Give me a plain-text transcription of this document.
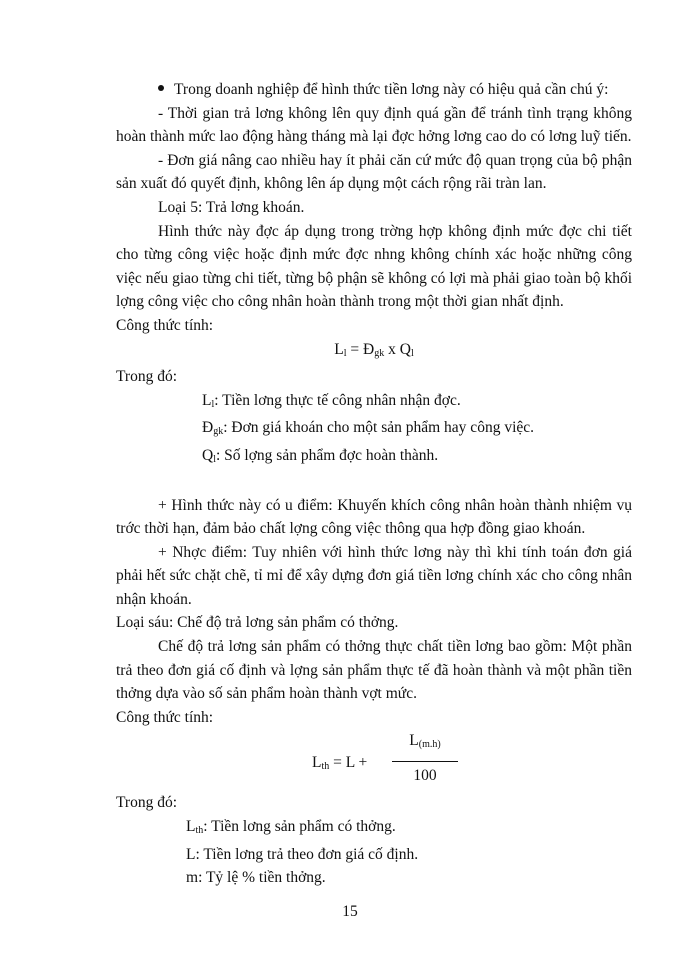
Trong doanh nghiệp để hình thức tiền lơng này có hiệu quả cần chú ý:

- Thời gian trả lơng không lên quy định quá gần để tránh tình trạng không hoàn thành mức lao động hàng tháng mà lại đợc hởng lơng cao do có lơng luỹ tiến.

- Đơn giá nâng cao nhiều hay ít phải căn cứ mức độ quan trọng của bộ phận sản xuất đó quyết định, không lên áp dụng một cách rộng rãi tràn lan.

Loại 5: Trả lơng khoán.

Hình thức này đợc áp dụng trong trờng hợp không định mức đợc chi tiết cho từng công việc hoặc định mức đợc nhng không chính xác hoặc những công việc nếu giao từng chi tiết, từng bộ phận sẽ không có lợi mà phải giao toàn bộ khối lợng công việc cho công nhân hoàn thành trong một thời gian nhất định.

Công thức tính:

$L_l$ = $Đ_{gk}$ x $Q_l$

Trong đó:

$L_l$: Tiền lơng thực tế công nhân nhận đợc.

$Đ_{gk}$: Đơn giá khoán cho một sản phẩm hay công việc.

$Q_l$: Số lợng sản phẩm đợc hoàn thành.

+ Hình thức này có u điểm: Khuyến khích công nhân hoàn thành nhiệm vụ trớc thời hạn, đảm bảo chất lợng công việc thông qua hợp đồng giao khoán.

+ Nhợc điểm: Tuy nhiên với hình thức lơng này thì khi tính toán đơn giá phải hết sức chặt chẽ, tỉ mỉ để xây dựng đơn giá tiền lơng chính xác cho công nhân nhận khoán.

Loại sáu: Chế độ trả lơng sản phẩm có thởng.

Chế độ trả lơng sản phẩm có thởng thực chất tiền lơng bao gồm: Một phần trả theo đơn giá cố định và lợng sản phẩm thực tế đã hoàn thành và một phần tiền thởng dựa vào số sản phẩm hoàn thành vợt mức.

Công thức tính:

$L_{th} = L + \frac{L_{(m.h)}}{100}$

Trong đó:

$L_{th}$: Tiền lơng sản phẩm có thởng.

L: Tiền lơng trả theo đơn giá cố định.

m: Tỷ lệ % tiền thởng.

15
